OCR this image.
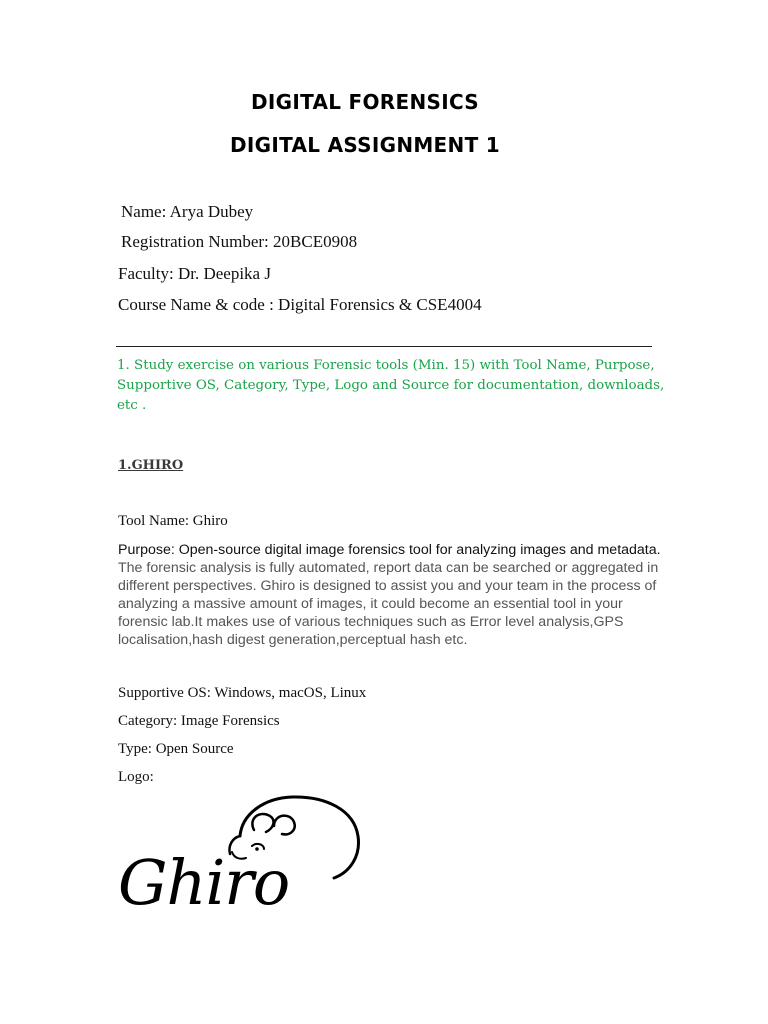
DIGITAL FORENSICS
DIGITAL ASSIGNMENT 1
Name: Arya Dubey
Registration Number: 20BCE0908
Faculty: Dr. Deepika J
Course Name & code : Digital Forensics & CSE4004
1. Study exercise on various Forensic tools (Min. 15) with Tool Name, Purpose, Supportive OS, Category, Type, Logo and Source for documentation, downloads, etc .
1.GHIRO
Tool Name: Ghiro
Purpose: Open-source digital image forensics tool for analyzing images and metadata. The forensic analysis is fully automated, report data can be searched or aggregated in different perspectives. Ghiro is designed to assist you and your team in the process of analyzing a massive amount of images, it could become an essential tool in your forensic lab.It makes use of various techniques such as Error level analysis,GPS localisation,hash digest generation,perceptual hash etc.
Supportive OS: Windows, macOS, Linux
Category: Image Forensics
Type: Open Source
Logo:
Ghiro
